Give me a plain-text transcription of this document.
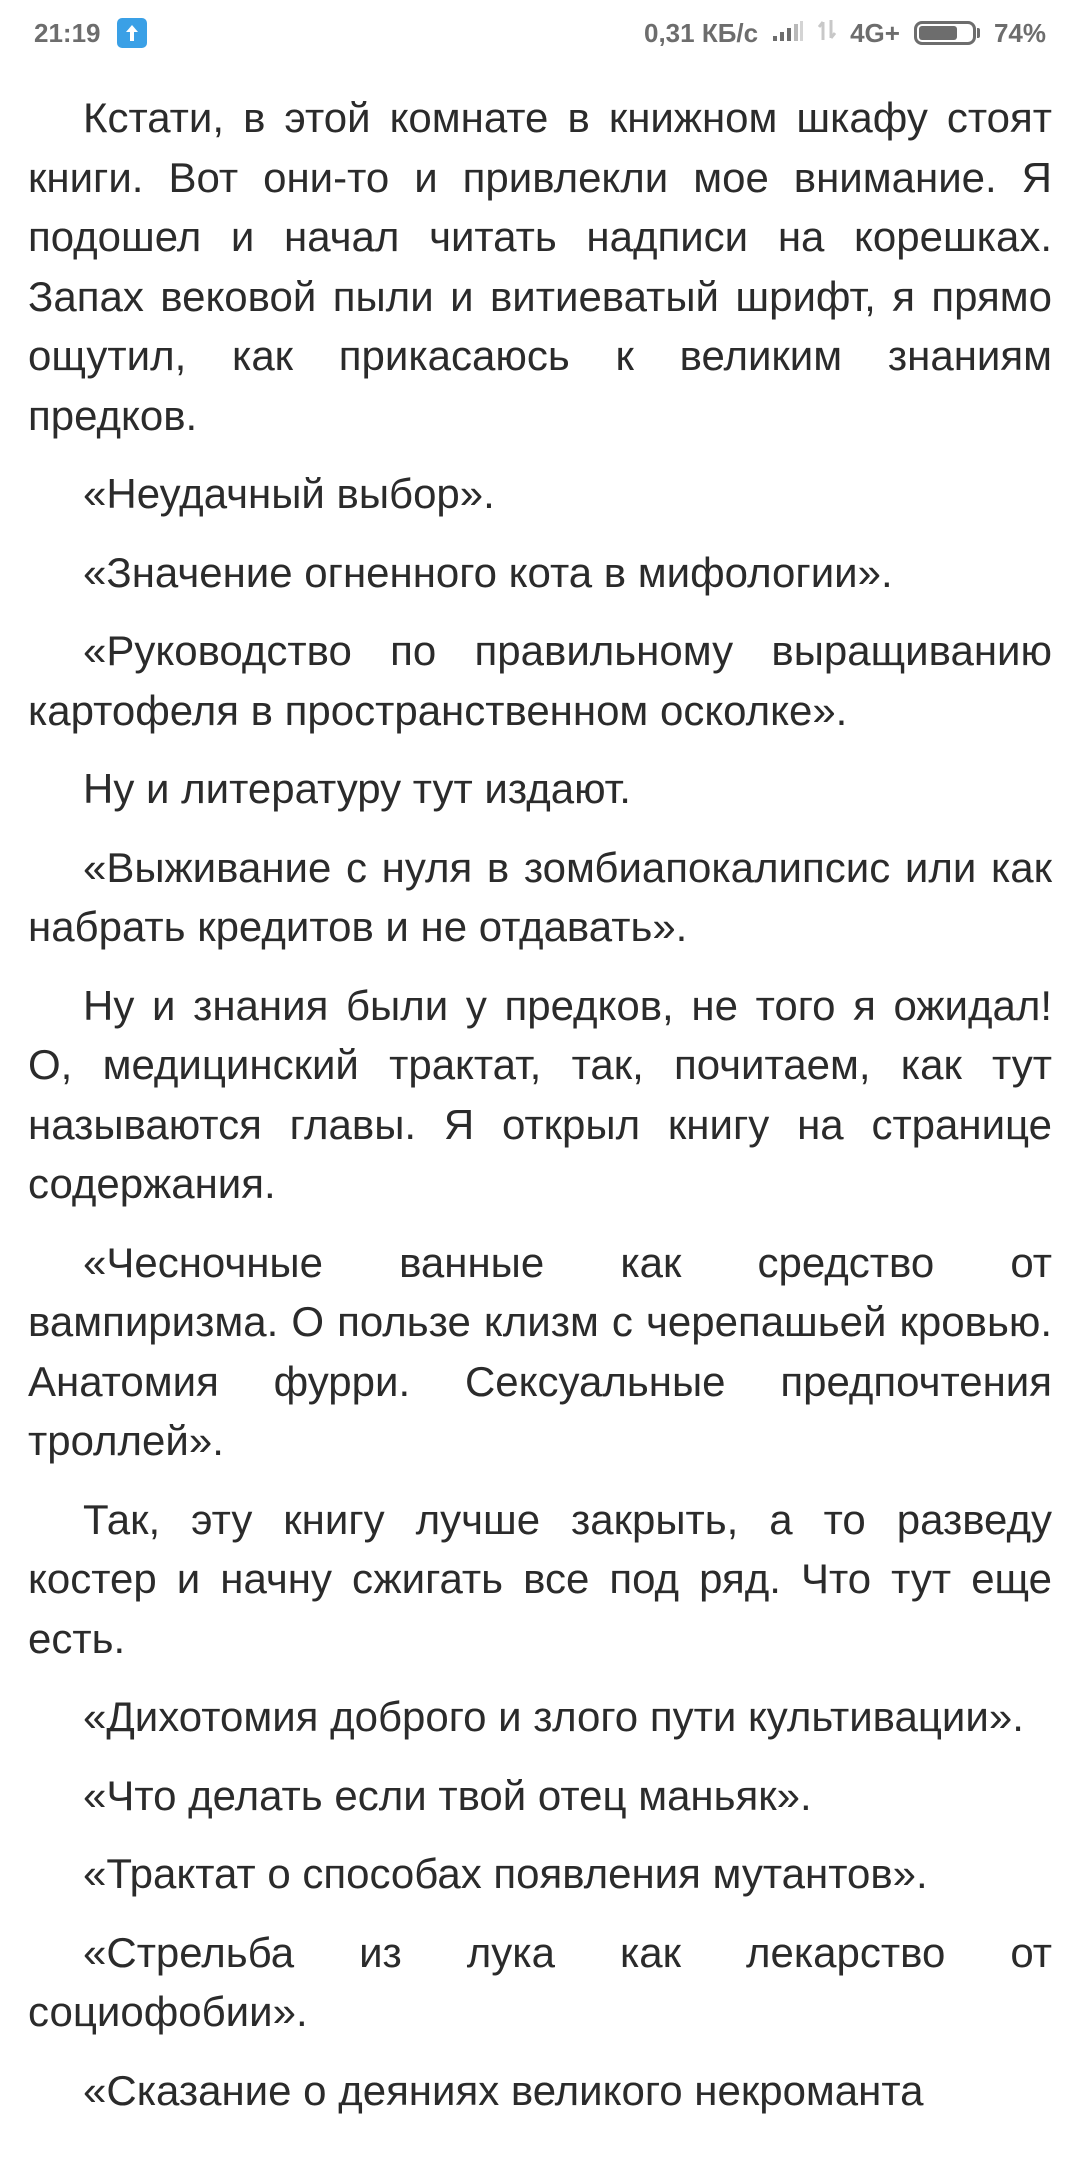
21:19	0,31 КБ/с	4G+	74%

Кстати, в этой комнате в книжном шкафу стоят книги. Вот они-то и привлекли мое внимание. Я подошел и начал читать надписи на корешках. Запах вековой пыли и витиеватый шрифт, я прямо ощутил, как прикасаюсь к великим знаниям предков.

«Неудачный выбор».

«Значение огненного кота в мифологии».

«Руководство по правильному выращиванию картофеля в пространственном осколке».

Ну и литературу тут издают.

«Выживание с нуля в зомбиапокалипсис или как набрать кредитов и не отдавать».

Ну и знания были у предков, не того я ожидал! О, медицинский трактат, так, почитаем, как тут называются главы. Я открыл книгу на странице содержания.

«Чесночные ванные как средство от вампиризма. О пользе клизм с черепашьей кровью. Анатомия фурри. Сексуальные предпочтения троллей».

Так, эту книгу лучше закрыть, а то разведу костер и начну сжигать все под ряд. Что тут еще есть.

«Дихотомия доброго и злого пути культивации».

«Что делать если твой отец маньяк».

«Трактат о способах появления мутантов».

«Стрельба из лука как лекарство от социофобии».

«Сказание о деяниях великого некроманта
